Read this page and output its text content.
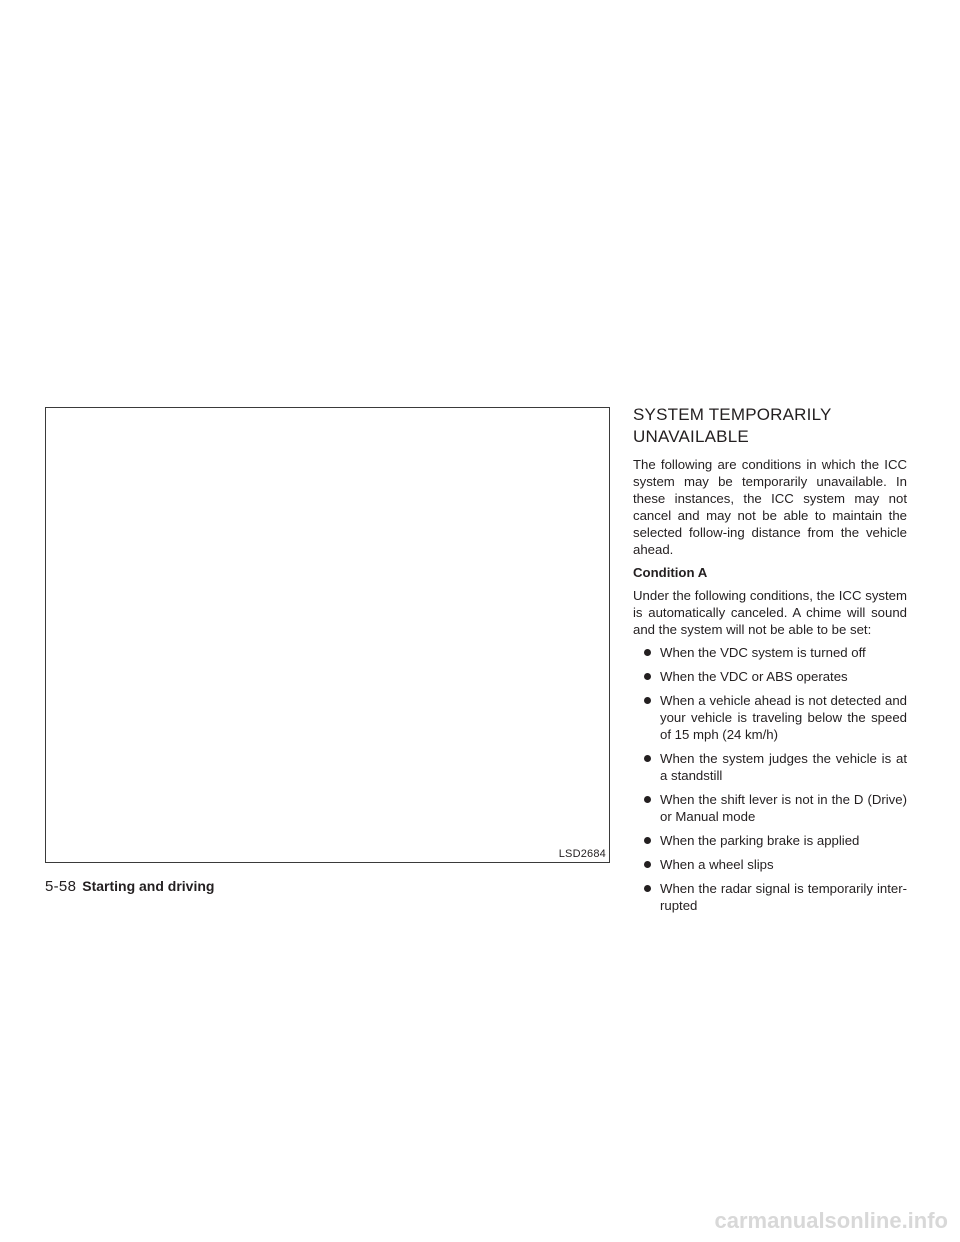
LSD2684
SYSTEM TEMPORARILY
UNAVAILABLE

The following are conditions in which the ICC system may be temporarily unavailable. In these instances, the ICC system may not cancel and may not be able to maintain the selected follow-ing distance from the vehicle ahead.

Condition A

Under the following conditions, the ICC system is automatically canceled. A chime will sound and the system will not be able to be set:

When the VDC system is turned off
When the VDC or ABS operates
When a vehicle ahead is not detected and your vehicle is traveling below the speed of 15 mph (24 km/h)
When the system judges the vehicle is at a standstill
When the shift lever is not in the D (Drive) or Manual mode
When the parking brake is applied
When a wheel slips
When the radar signal is temporarily inter-rupted
5-58 Starting and driving
carmanualsonline.info
